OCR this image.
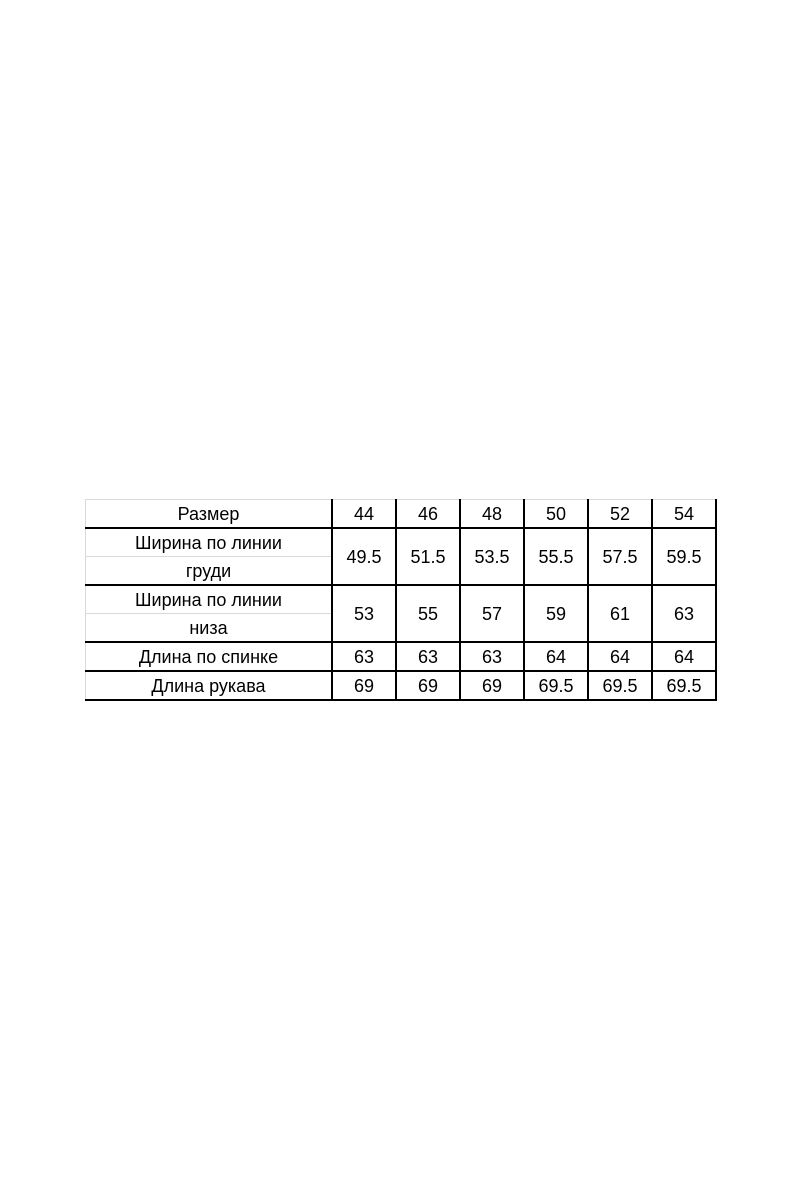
Размер	44	46	48	50	52	54

Ширина по линии
груди	49.5	51.5	53.5	55.5	57.5	59.5

Ширина по линии
низа	53	55	57	59	61	63
Длина по спинке	63	63	63	64	64	64
Длина рукава	69	69	69	69.5	69.5	69.5
